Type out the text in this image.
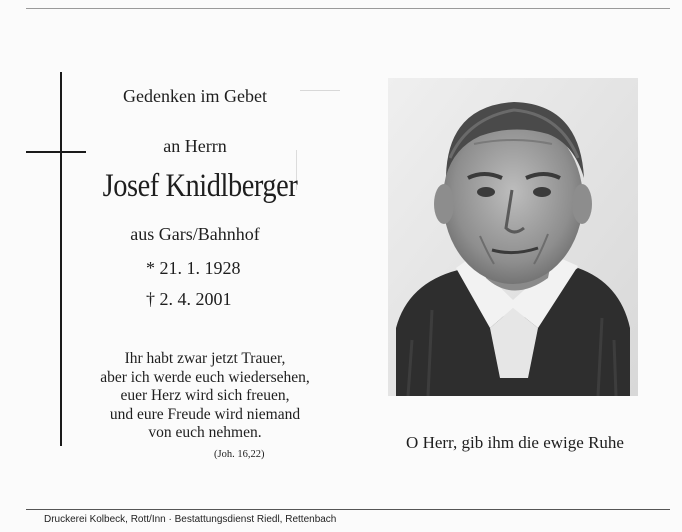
Gedenken im Gebet
an Herrn
Josef Knidlberger
aus Gars/Bahnhof
* 21. 1. 1928
† 2. 4. 2001
Ihr habt zwar jetzt Trauer,
aber ich werde euch wiedersehen,
euer Herz wird sich freuen,
und eure Freude wird niemand
von euch nehmen.
(Joh. 16,22)
O Herr, gib ihm die ewige Ruhe
Druckerei Kolbeck, Rott/Inn · Bestattungsdienst Riedl, Rettenbach
